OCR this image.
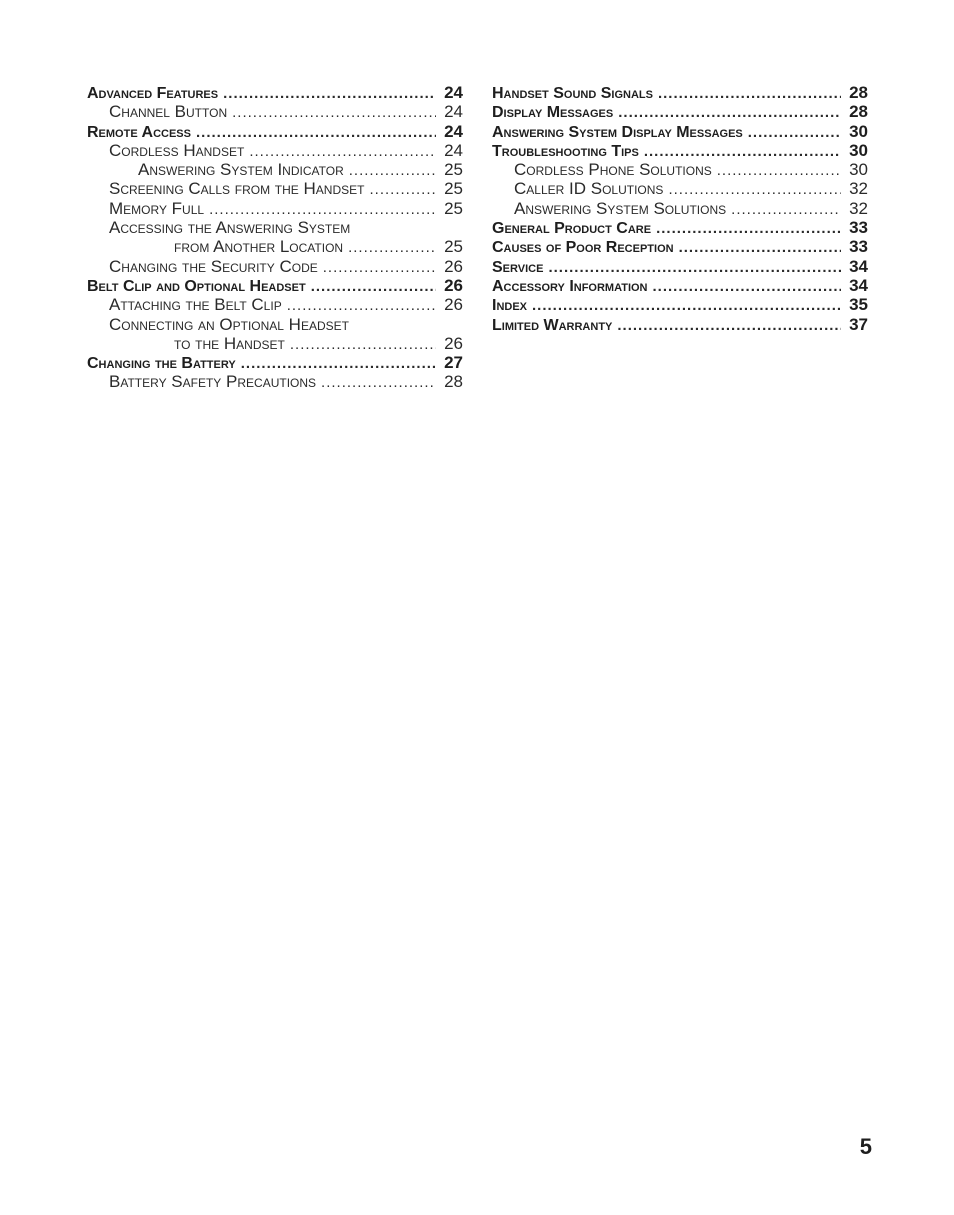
Advanced Features .....	24
Channel Button .....	24
Remote Access .....	24
Cordless Handset .....	24
Answering System Indicator .....	25
Screening Calls from the Handset .....	25
Memory Full .....	25
Accessing the Answering System
from Another Location .....	25
Changing the Security Code .....	26
Belt Clip and Optional Headset .....	26
Attaching the Belt Clip .....	26
Connecting an Optional Headset
to the Handset .....	26
Changing the Battery .....	27
Battery Safety Precautions .....	28
Handset Sound Signals .....	28
Display Messages .....	28
Answering System Display Messages .....	30
Troubleshooting Tips .....	30
Cordless Phone Solutions .....	30
Caller ID Solutions .....	32
Answering System Solutions .....	32
General Product Care .....	33
Causes of Poor Reception .....	33
Service .....	34
Accessory Information .....	34
Index .....	35
Limited Warranty .....	37
5
